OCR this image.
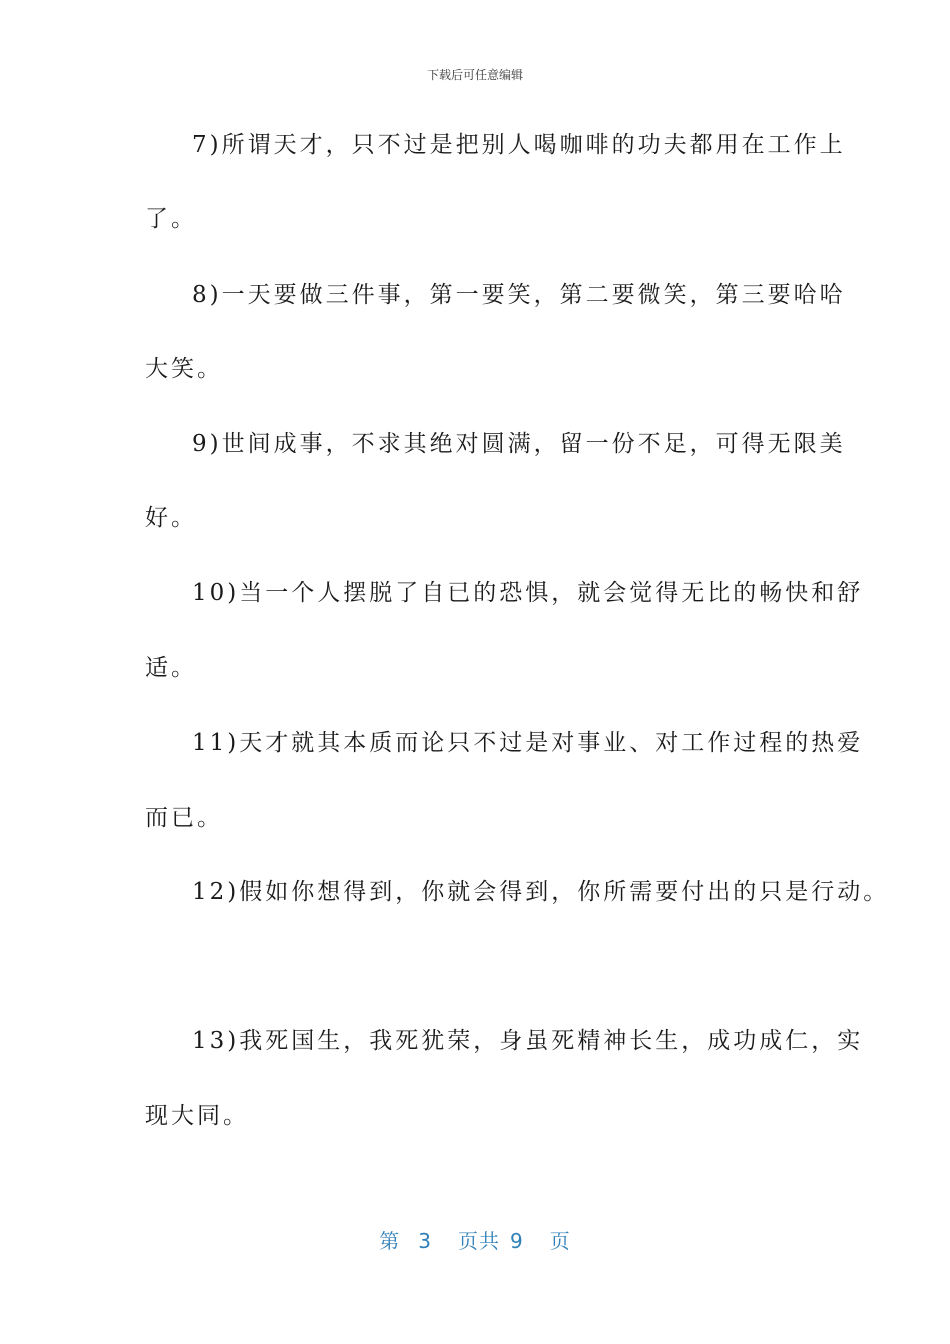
下载后可任意编辑
7)所谓天才，只不过是把别人喝咖啡的功夫都用在工作上
了。
8)一天要做三件事，第一要笑，第二要微笑，第三要哈哈
大笑。
9)世间成事，不求其绝对圆满，留一份不足，可得无限美
好。
10)当一个人摆脱了自已的恐惧，就会觉得无比的畅快和舒
适。
11)天才就其本质而论只不过是对事业、对工作过程的热爱
而已。
12)假如你想得到，你就会得到，你所需要付出的只是行动。
13)我死国生，我死犹荣，身虽死精神长生，成功成仁，实
现大同。
第 3 页共 9 页
